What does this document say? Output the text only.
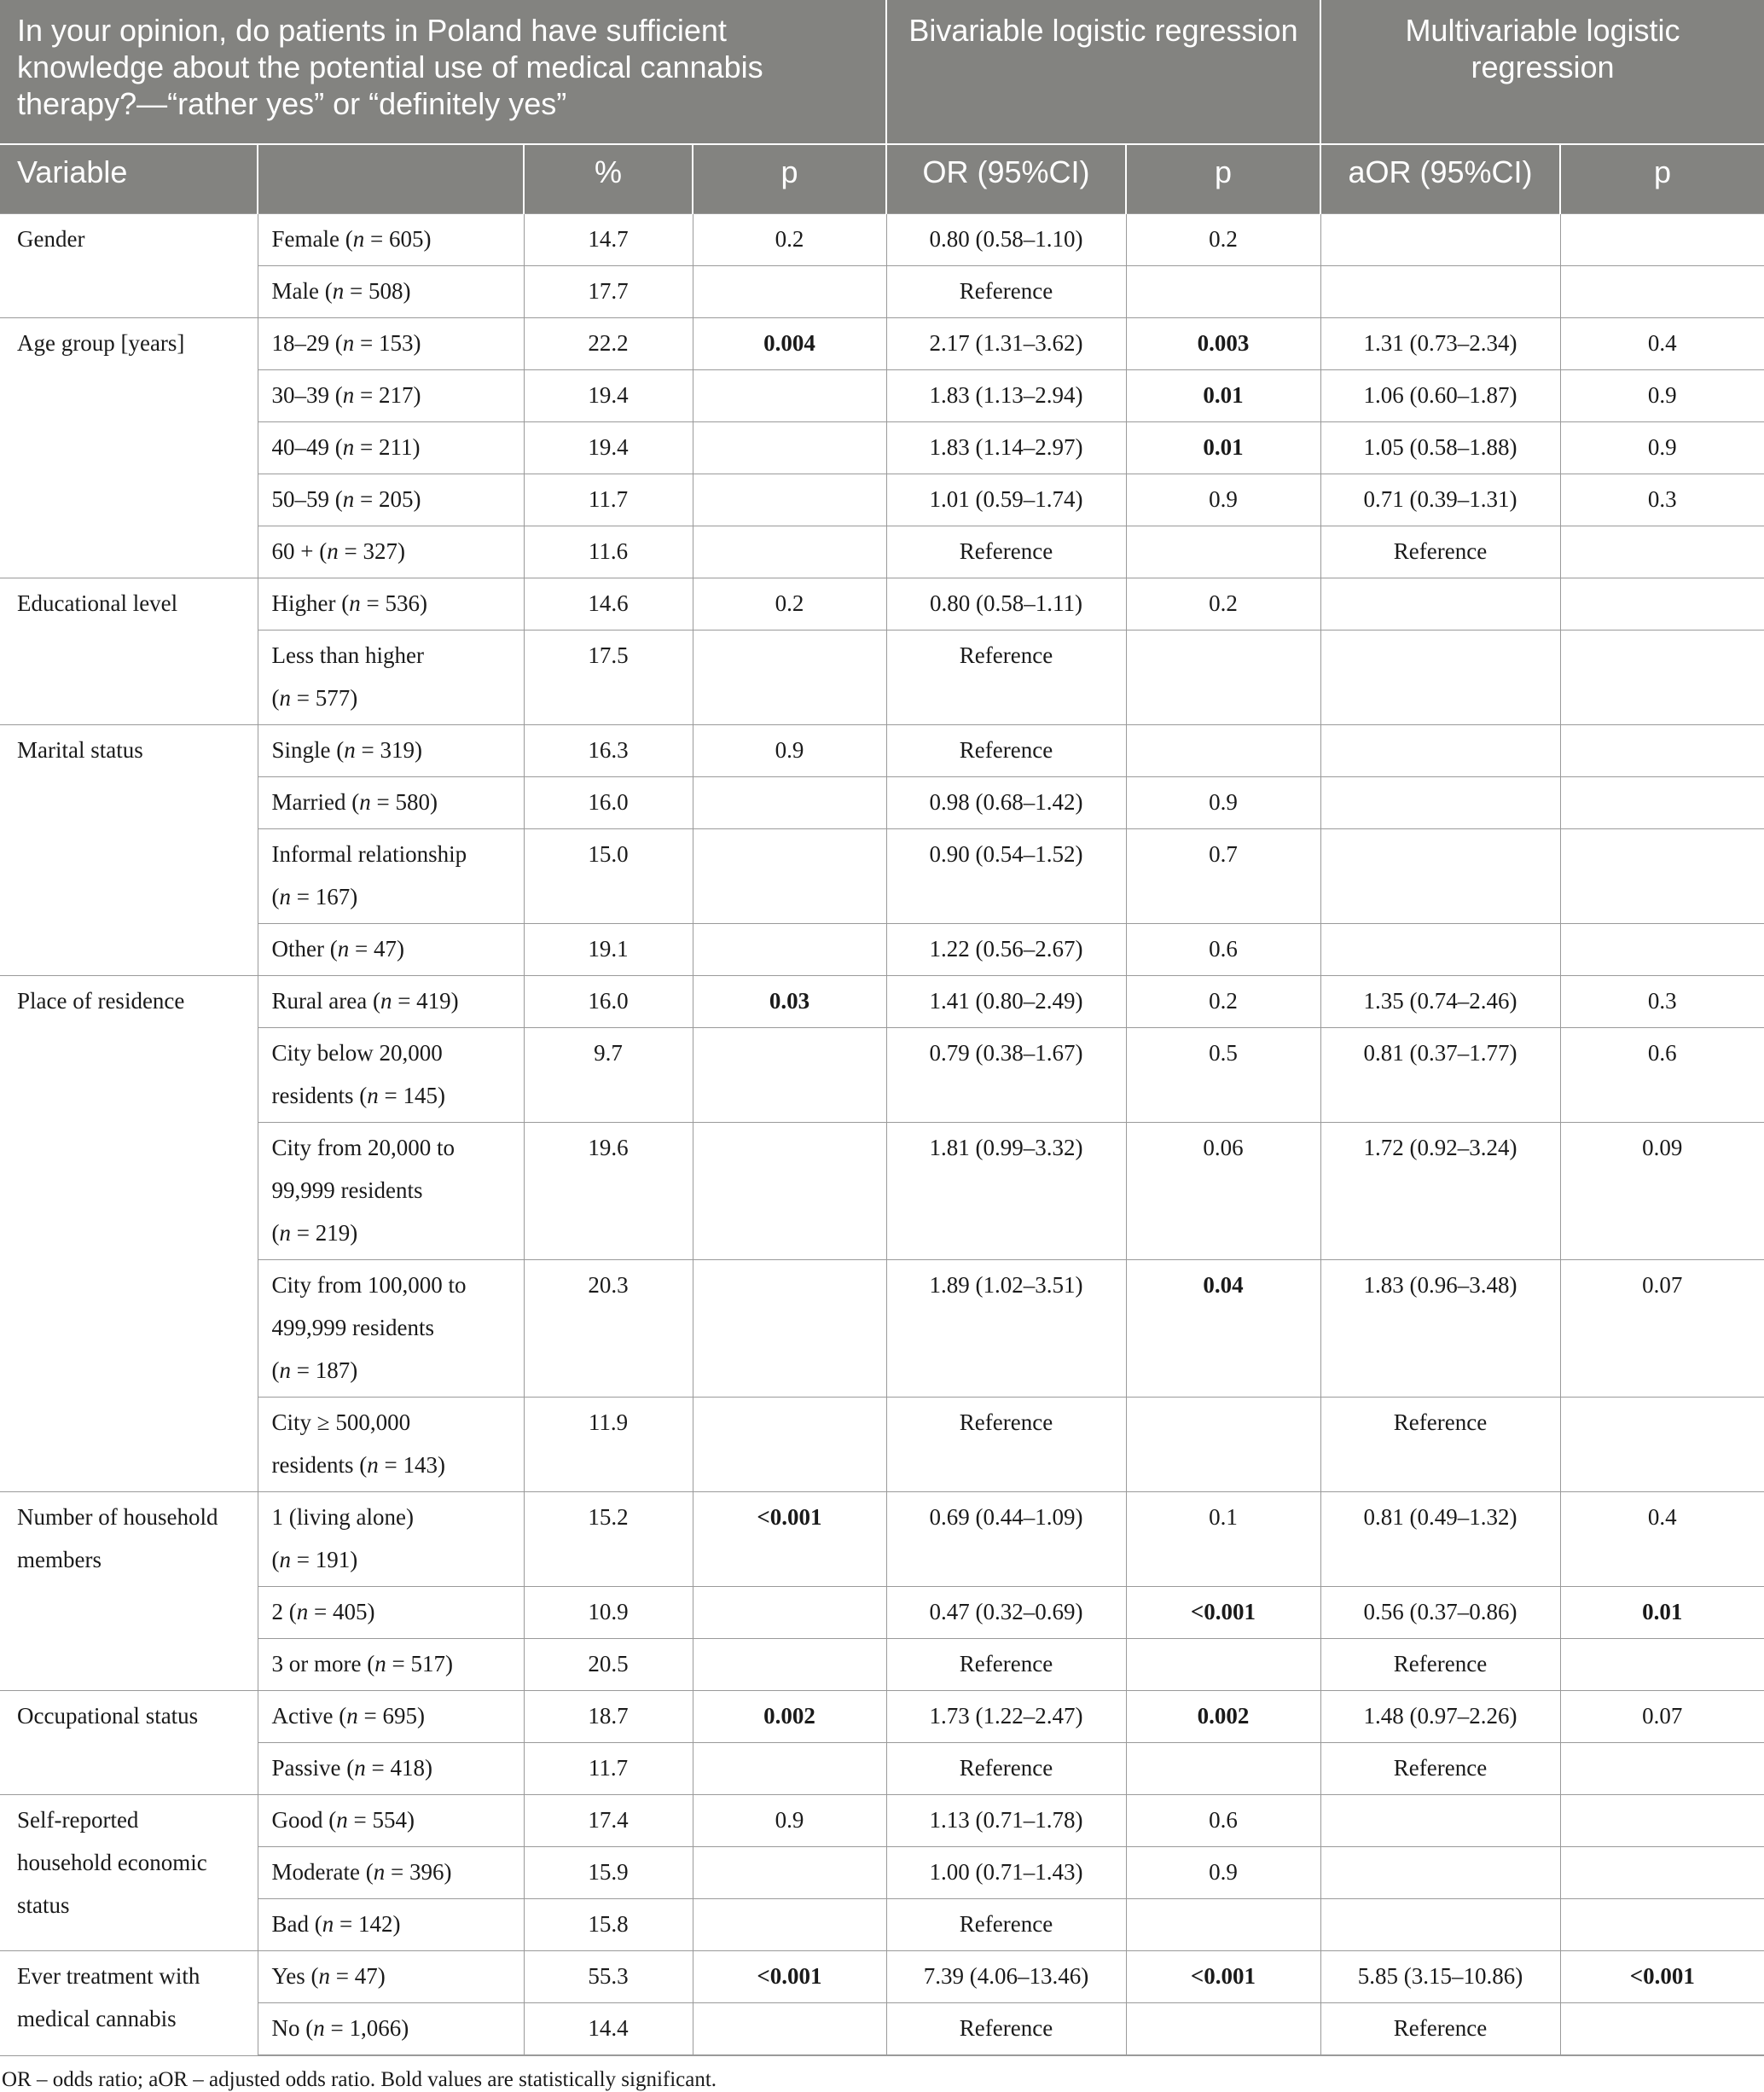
In your opinion, do patients in Poland have sufficient knowledge about the potential use of medical cannabis therapy?—“rather yes” or “definitely yes”				Bivariable logistic regression		Multivariable logistic regression	
Variable		%	p	OR (95%CI)	p	aOR (95%CI)	p
Gender	Female (n = 605)	14.7	0.2	0.80 (0.58–1.10)	0.2		
	Male (n = 508)	17.7		Reference			
Age group [years]	18–29 (n = 153)	22.2	0.004	2.17 (1.31–3.62)	0.003	1.31 (0.73–2.34)	0.4
	30–39 (n = 217)	19.4		1.83 (1.13–2.94)	0.01	1.06 (0.60–1.87)	0.9
	40–49 (n = 211)	19.4		1.83 (1.14–2.97)	0.01	1.05 (0.58–1.88)	0.9
	50–59 (n = 205)	11.7		1.01 (0.59–1.74)	0.9	0.71 (0.39–1.31)	0.3
	60 + (n = 327)	11.6		Reference		Reference	
Educational level	Higher (n = 536)	14.6	0.2	0.80 (0.58–1.11)	0.2		
	Less than higher
(n = 577)	17.5		Reference			
Marital status	Single (n = 319)	16.3	0.9	Reference			
	Married (n = 580)	16.0		0.98 (0.68–1.42)	0.9		
	Informal relationship
(n = 167)	15.0		0.90 (0.54–1.52)	0.7		
	Other (n = 47)	19.1		1.22 (0.56–2.67)	0.6		
Place of residence	Rural area (n = 419)	16.0	0.03	1.41 (0.80–2.49)	0.2	1.35 (0.74–2.46)	0.3
	City below 20,000
residents (n = 145)	9.7		0.79 (0.38–1.67)	0.5	0.81 (0.37–1.77)	0.6
	City from 20,000 to
99,999 residents
(n = 219)	19.6		1.81 (0.99–3.32)	0.06	1.72 (0.92–3.24)	0.09
	City from 100,000 to
499,999 residents
(n = 187)	20.3		1.89 (1.02–3.51)	0.04	1.83 (0.96–3.48)	0.07
	City ≥ 500,000
residents (n = 143)	11.9		Reference		Reference	
Number of household
members	1 (living alone)
(n = 191)	15.2	<0.001	0.69 (0.44–1.09)	0.1	0.81 (0.49–1.32)	0.4
	2 (n = 405)	10.9		0.47 (0.32–0.69)	<0.001	0.56 (0.37–0.86)	0.01
	3 or more (n = 517)	20.5		Reference		Reference	
Occupational status	Active (n = 695)	18.7	0.002	1.73 (1.22–2.47)	0.002	1.48 (0.97–2.26)	0.07
	Passive (n = 418)	11.7		Reference		Reference	
Self-reported
household economic
status	Good (n = 554)	17.4	0.9	1.13 (0.71–1.78)	0.6		
	Moderate (n = 396)	15.9		1.00 (0.71–1.43)	0.9		
	Bad (n = 142)	15.8		Reference			
Ever treatment with
medical cannabis	Yes (n = 47)	55.3	<0.001	7.39 (4.06–13.46)	<0.001	5.85 (3.15–10.86)	<0.001
	No (n = 1,066)	14.4		Reference		Reference	
OR – odds ratio; aOR – adjusted odds ratio. Bold values are statistically significant.
